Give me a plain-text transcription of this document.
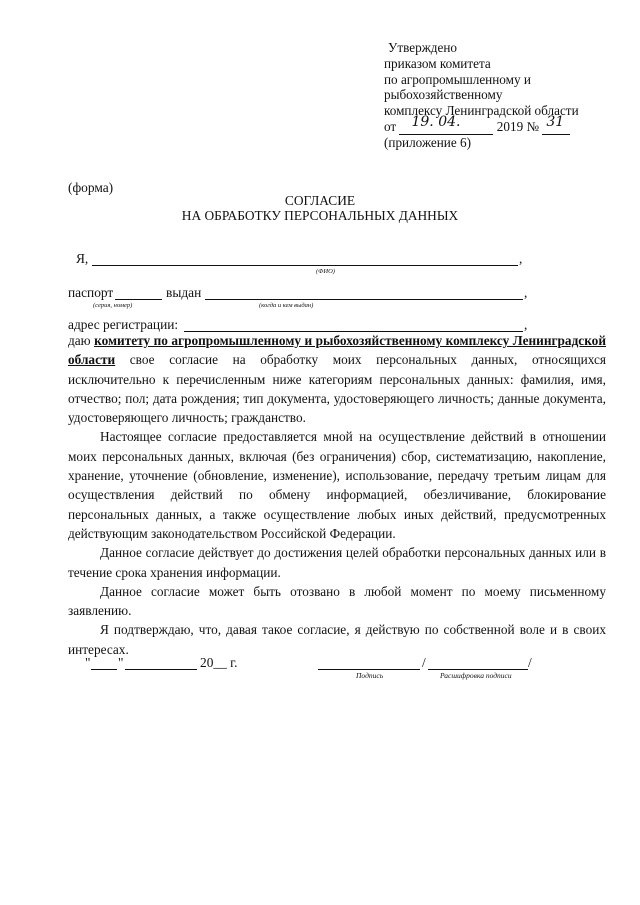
Утверждено
приказом комитета
по агропромышленному и
рыбохозяйственному
комплексу Ленинградской области
от 19. 04.	2019 № 31
(приложение 6)
(форма)
СОГЛАСИЕ
НА ОБРАБОТКУ ПЕРСОНАЛЬНЫХ ДАННЫХ
Я,	,
(ФИО)
паспорт	выдан	,
(серия, номер)	(когда и кем выдан)
адрес регистрации:	,

даю комитету по агропромышленному и рыбохозяйственному комплексу Ленинградской области свое согласие на обработку моих персональных данных, относящихся исключительно к перечисленным ниже категориям персональных данных: фамилия, имя, отчество; пол; дата рождения; тип документа, удостоверяющего личность; данные документа, удостоверяющего личность; гражданство.

Настоящее согласие предоставляется мной на осуществление действий в отношении моих персональных данных, включая (без ограничения) сбор, систематизацию, накопление, хранение, уточнение (обновление, изменение), использование, передачу третьим лицам для осуществления действий по обмену информацией, обезличивание, блокирование персональных данных, а также осуществление любых иных действий, предусмотренных действующим законодательством Российской Федерации.

Данное согласие действует до достижения целей обработки персональных данных или в течение срока хранения информации.

Данное согласие может быть отозвано в любой момент по моему письменному заявлению.

Я подтверждаю, что, давая такое согласие, я действую по собственной воле и в своих интересах.

" "	20__ г.	/	/
Подпись	Расшифровка подписи
